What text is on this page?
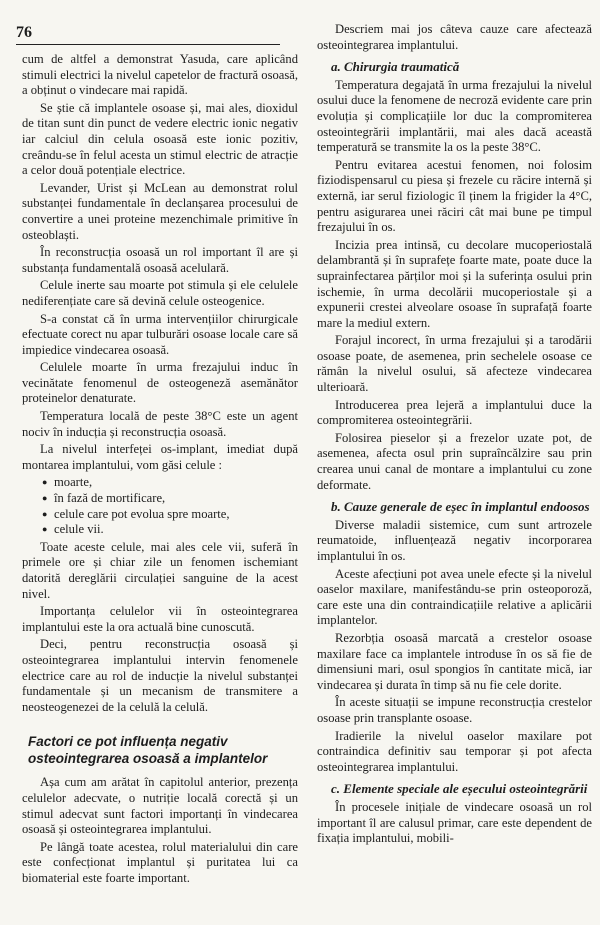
76

cum de altfel a demonstrat Yasuda, care aplicând stimuli electrici la nivelul capetelor de fractură osoasă, a obținut o vindecare mai rapidă.

Se știe că implantele osoase și, mai ales, dioxidul de titan sunt din punct de vedere electric ionic negativ iar calciul din celula osoasă este ionic pozitiv, creându-se în felul acesta un stimul electric de atracție a celor două potențiale electrice.

Levander, Urist și McLean au demonstrat rolul substanței fundamentale în declanșarea procesului de convertire a unei proteine mezenchimale primitive în osteoblaști.

În reconstrucția osoasă un rol important îl are și substanța fundamentală osoasă acelulară.

Celule inerte sau moarte pot stimula și ele celulele nediferențiate care să devină celule osteogenice.

S-a constat că în urma intervențiilor chirurgicale efectuate corect nu apar tulburări osoase locale care să impiedice vindecarea osoasă.

Celulele moarte în urma frezajului induc în vecinătate fenomenul de osteogeneză asemănător proteinelor denaturate.

Temperatura locală de peste 38°C este un agent nociv în inducția și reconstrucția osoasă.

La nivelul interfeței os-implant, imediat după montarea implantului, vom găsi celule :

● moarte,
● în fază de mortificare,
● celule care pot evolua spre moarte,
● celule vii.

Toate aceste celule, mai ales cele vii, suferă în primele ore și chiar zile un fenomen ischemiant datorită dereglării circulației sanguine de la acest nivel.

Importanța celulelor vii în osteointegrarea implantului este la ora actuală bine cunoscută.

Deci, pentru reconstrucția osoasă și osteointegrarea implantului intervin fenomenele electrice care au rol de inducție la nivelul substanței fundamentale și un mecanism de transmitere a neosteogenezei de la celulă la celulă.

Factori ce pot influența negativ osteointegrarea osoasă a implantelor

Așa cum am arătat în capitolul anterior, prezența celulelor adecvate, o nutriție locală corectă și un stimul adecvat sunt factori importanți în vindecarea osoasă și osteointegrarea implantului.

Pe lângă toate acestea, rolul materialului din care este confecționat implantul și puritatea lui ca biomaterial este foarte important.

Descriem mai jos câteva cauze care afectează osteointegrarea implantului.

a. Chirurgia traumatică

Temperatura degajată în urma frezajului la nivelul osului duce la fenomene de necroză evidente care prin evoluția și complicațiile lor duc la compromiterea osteointegrării implantării, mai ales dacă această temperatură se transmite la os la peste 38°C.

Pentru evitarea acestui fenomen, noi folosim fiziodispensarul cu piesa și frezele cu răcire internă și externă, iar serul fiziologic îl ținem la frigider la 4°C, pentru asigurarea unei răciri cât mai bune pe timpul frezajului în os.

Incizia prea intinsă, cu decolare mucoperiostală delambrantă și în suprafețe foarte mate, poate duce la suprainfectarea părților moi și la suferința osului prin ischemie, în urma decolării mucoperiostale și a expunerii crestei alveolare osoase în suprafață foarte mare la mediul extern.

Forajul incorect, în urma frezajului și a tarodării osoase poate, de asemenea, prin sechelele osoase ce rămân la nivelul osului, să afecteze vindecarea ulterioară.

Introducerea prea lejeră a implantului duce la compromiterea osteointegrării.

Folosirea pieselor și a frezelor uzate pot, de asemenea, afecta osul prin supraîncălzire sau prin crearea unui canal de montare a implantului cu zone deformate.

b. Cauze generale de eșec în implantul endoosos

Diverse maladii sistemice, cum sunt artrozele reumatoide, influențează negativ incorporarea implantului în os.

Aceste afecțiuni pot avea unele efecte și la nivelul oaselor maxilare, manifestându-se prin osteoporoză, care este una din contraindicațiile relative a aplicării implantelor.

Rezorbția osoasă marcată a crestelor osoase maxilare face ca implantele introduse în os să fie de dimensiuni mari, osul spongios în cantitate mică, iar vindecarea și durata în timp să nu fie cele dorite.

În aceste situații se impune reconstrucția crestelor osoase prin transplante osoase.

Iradierile la nivelul oaselor maxilare pot contraindica definitiv sau temporar și pot afecta osteointegrarea implantului.

c. Elemente speciale ale eșecului osteointegrării

În procesele inițiale de vindecare osoasă un rol important îl are calusul primar, care este dependent de fixația implantului, mobili-
